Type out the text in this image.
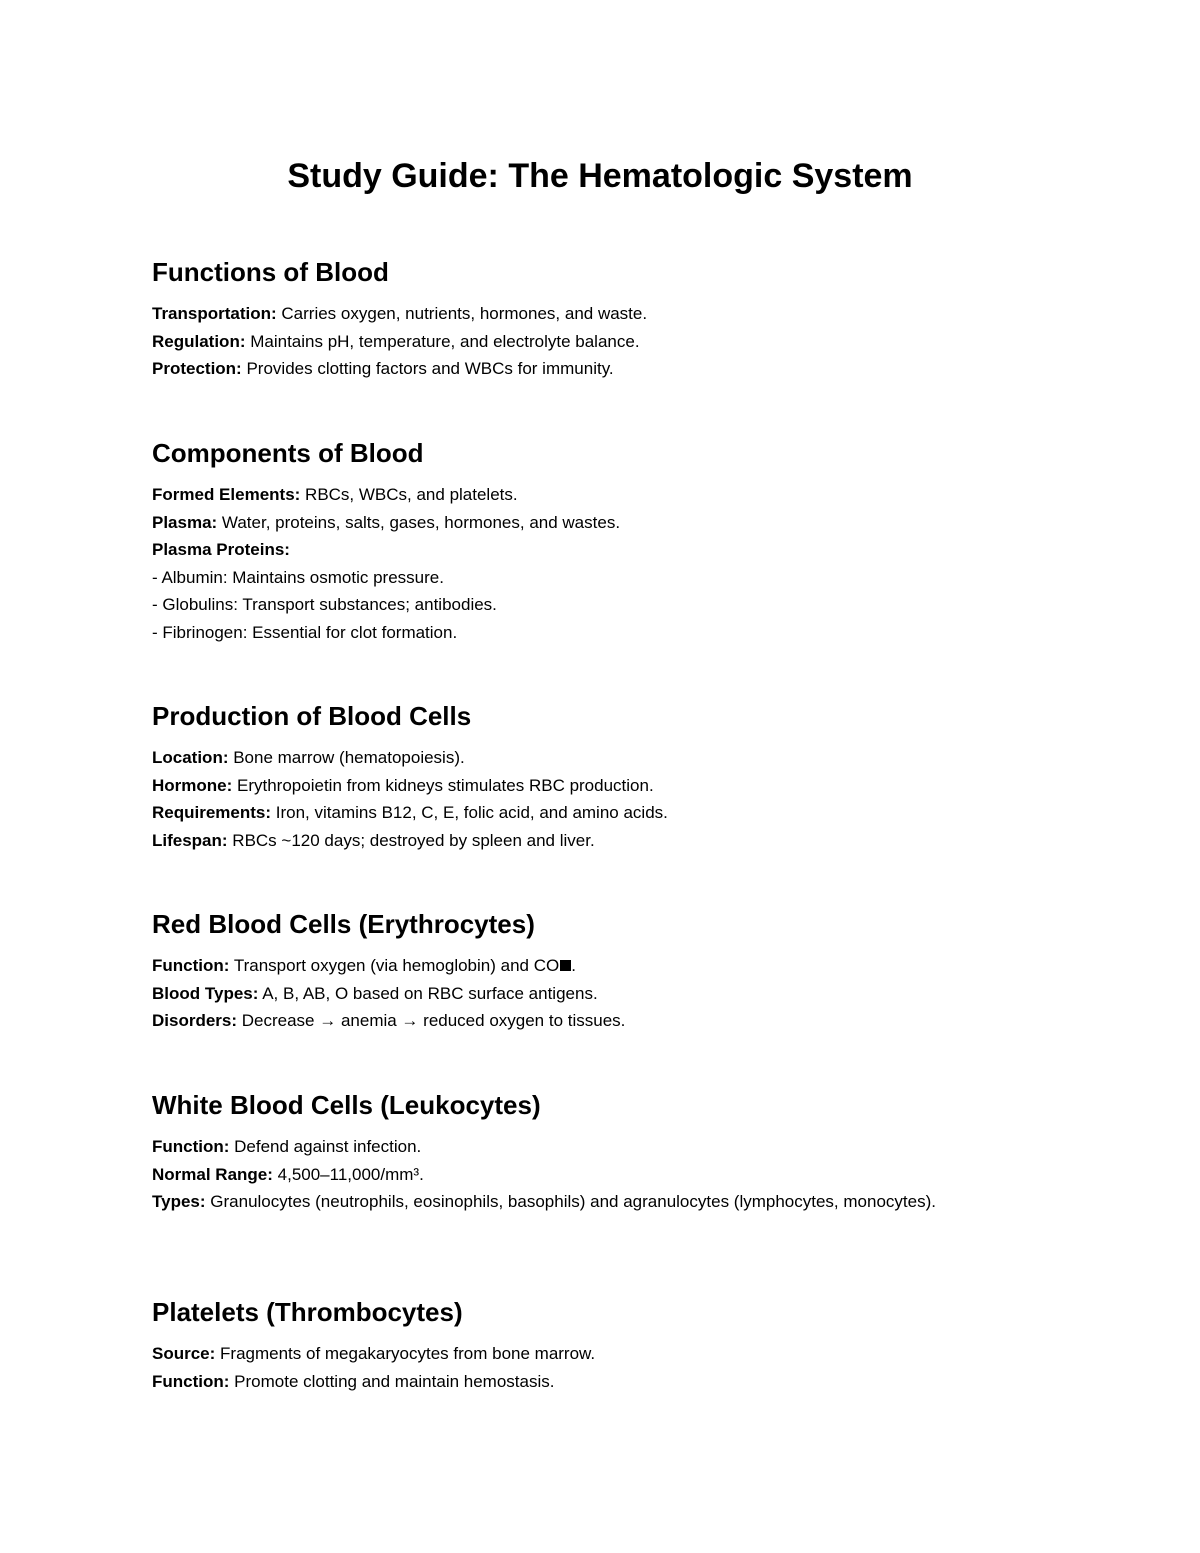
Study Guide: The Hematologic System
Functions of Blood

Transportation: Carries oxygen, nutrients, hormones, and waste.

Regulation: Maintains pH, temperature, and electrolyte balance.

Protection: Provides clotting factors and WBCs for immunity.

Components of Blood

Formed Elements: RBCs, WBCs, and platelets.

Plasma: Water, proteins, salts, gases, hormones, and wastes.

Plasma Proteins:

- Albumin: Maintains osmotic pressure.

- Globulins: Transport substances; antibodies.

- Fibrinogen: Essential for clot formation.

Production of Blood Cells

Location: Bone marrow (hematopoiesis).

Hormone: Erythropoietin from kidneys stimulates RBC production.

Requirements: Iron, vitamins B12, C, E, folic acid, and amino acids.

Lifespan: RBCs ~120 days; destroyed by spleen and liver.

Red Blood Cells (Erythrocytes)

Function: Transport oxygen (via hemoglobin) and CO .

Blood Types: A, B, AB, O based on RBC surface antigens.

Disorders: Decrease → anemia → reduced oxygen to tissues.

White Blood Cells (Leukocytes)

Function: Defend against infection.

Normal Range: 4,500–11,000/mm³.

Types: Granulocytes (neutrophils, eosinophils, basophils) and agranulocytes (lymphocytes, monocytes).

Platelets (Thrombocytes)

Source: Fragments of megakaryocytes from bone marrow.

Function: Promote clotting and maintain hemostasis.
